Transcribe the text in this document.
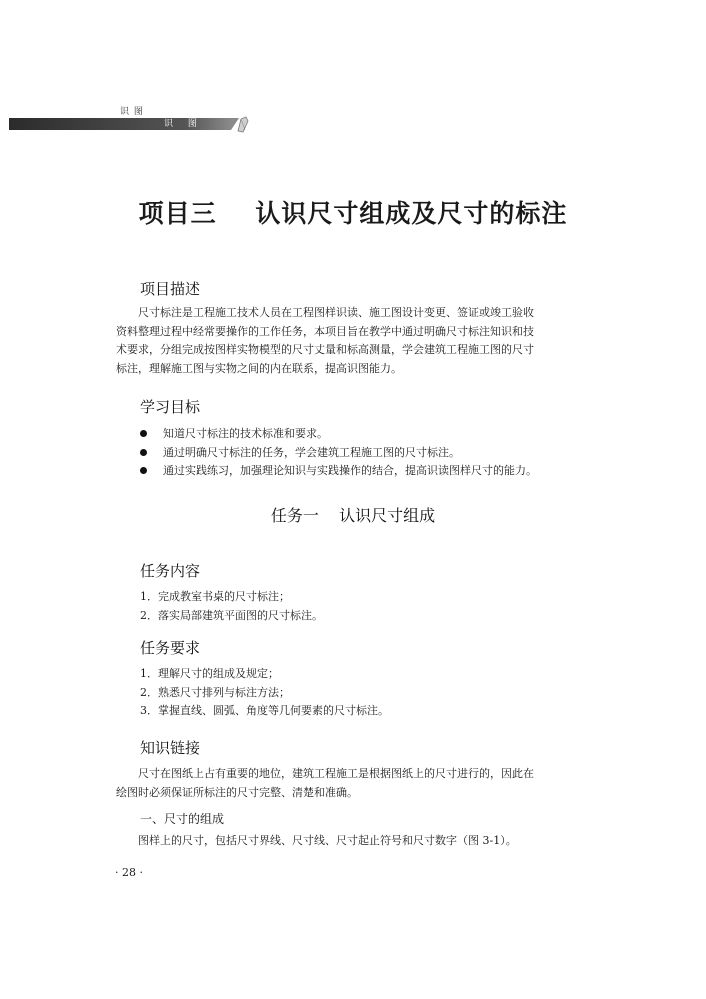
识 图
识 图
项目三    认识尺寸组成及尺寸的标注
项目描述
尺寸标注是工程施工技术人员在工程图样识读、施工图设计变更、签证或竣工验收
资料整理过程中经常要操作的工作任务，本项目旨在教学中通过明确尺寸标注知识和技
术要求，分组完成按图样实物模型的尺寸丈量和标高测量，学会建筑工程施工图的尺寸
标注，理解施工图与实物之间的内在联系，提高识图能力。
学习目标
知道尺寸标注的技术标准和要求。
通过明确尺寸标注的任务，学会建筑工程施工图的尺寸标注。
通过实践练习，加强理论知识与实践操作的结合，提高识读图样尺寸的能力。
任务一    认识尺寸组成
任务内容
1．完成教室书桌的尺寸标注；
2．落实局部建筑平面图的尺寸标注。
任务要求
1．理解尺寸的组成及规定；
2．熟悉尺寸排列与标注方法；
3．掌握直线、圆弧、角度等几何要素的尺寸标注。
知识链接
尺寸在图纸上占有重要的地位，建筑工程施工是根据图纸上的尺寸进行的，因此在
绘图时必须保证所标注的尺寸完整、清楚和准确。
一、尺寸的组成
图样上的尺寸，包括尺寸界线、尺寸线、尺寸起止符号和尺寸数字（图 3-1）。
· 28 ·
